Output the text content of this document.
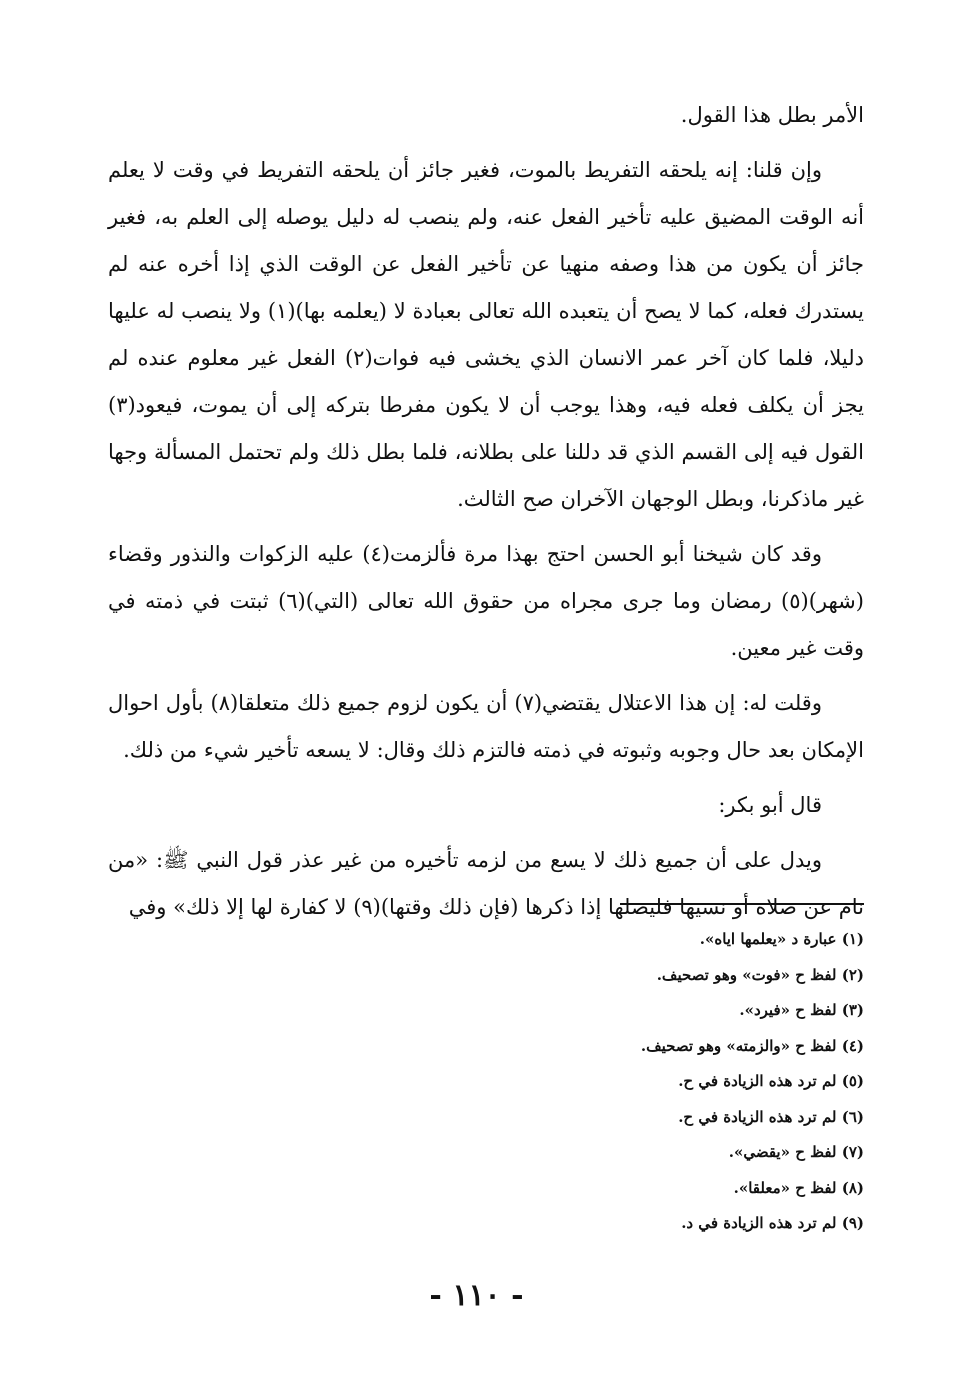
الأمر بطل هذا القول.

وإن قلنا: إنه يلحقه التفريط بالموت، فغير جائز أن يلحقه التفريط في وقت لا يعلم أنه الوقت المضيق عليه تأخير الفعل عنه، ولم ينصب له دليل يوصله إلى العلم به، فغير جائز أن يكون من هذا وصفه منهيا عن تأخير الفعل عن الوقت الذي إذا أخره عنه لم يستدرك فعله، كما لا يصح أن يتعبده الله تعالى بعبادة لا (يعلمه بها)(١) ولا ينصب له عليها دليلا، فلما كان آخر عمر الانسان الذي يخشى فيه فوات(٢) الفعل غير معلوم عنده لم يجز أن يكلف فعله فيه، وهذا يوجب أن لا يكون مفرطا بتركه إلى أن يموت، فيعود(٣) القول فيه إلى القسم الذي قد دللنا على بطلانه، فلما بطل ذلك ولم تحتمل المسألة وجها غير ماذكرنا، وبطل الوجهان الآخران صح الثالث.

وقد كان شيخنا أبو الحسن احتج بهذا مرة فألزمت(٤) عليه الزكوات والنذور وقضاء (شهر)(٥) رمضان وما جرى مجراه من حقوق الله تعالى (التي)(٦) ثبتت في ذمته في وقت غير معين.

وقلت له: إن هذا الاعتلال يقتضي(٧) أن يكون لزوم جميع ذلك متعلقا(٨) بأول احوال الإمكان بعد حال وجوبه وثبوته في ذمته فالتزم ذلك وقال: لا يسعه تأخير شيء من ذلك.

قال أبو بكر:

ويدل على أن جميع ذلك لا يسع من لزمه تأخيره من غير عذر قول النبي ﷺ: «من نام عن صلاة أو نسيها فليصلها إذا ذكرها (فإن ذلك وقتها)(٩) لا كفارة لها إلا ذلك» وفي

(١) عبارة د «يعلمها اياه».
(٢) لفظ ح «فوت» وهو تصحيف.
(٣) لفظ ح «فيرد».
(٤) لفظ ح «والزمته» وهو تصحيف.
(٥) لم ترد هذه الزيادة في ح.
(٦) لم ترد هذه الزيادة في ح.
(٧) لفظ ح «يقضي».
(٨) لفظ ح «معلقا».
(٩) لم ترد هذه الزيادة في د.
- ١١٠ -
